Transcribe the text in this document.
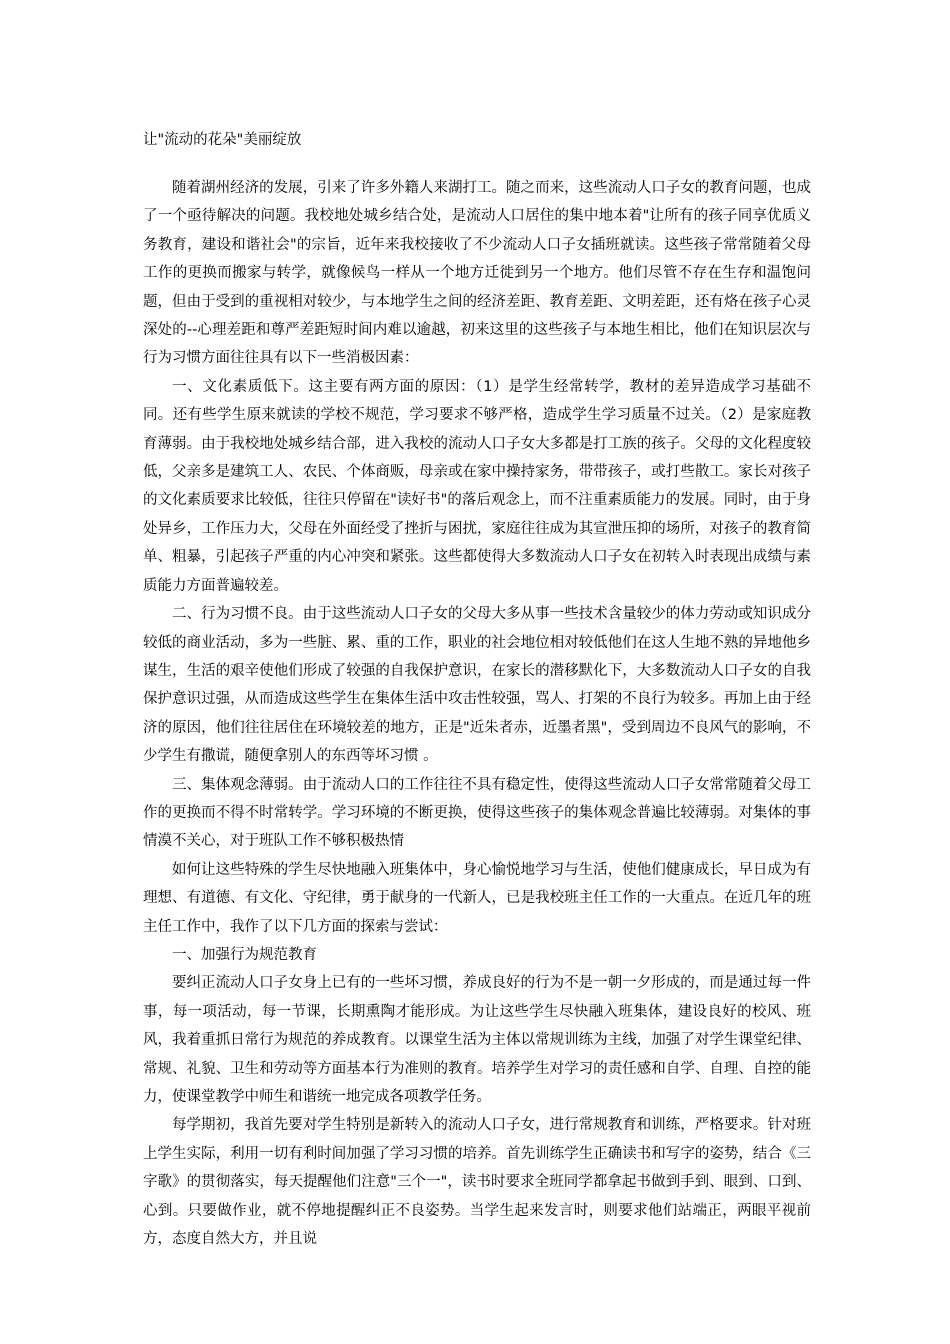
让"流动的花朵"美丽绽放

随着湖州经济的发展，引来了许多外籍人来湖打工。随之而来，这些流动人口子女的教育问题，也成了一个亟待解决的问题。我校地处城乡结合处，是流动人口居住的集中地本着"让所有的孩子同享优质义务教育，建设和谐社会"的宗旨，近年来我校接收了不少流动人口子女插班就读。这些孩子常常随着父母工作的更换而搬家与转学，就像候鸟一样从一个地方迁徙到另一个地方。他们尽管不存在生存和温饱问题，但由于受到的重视相对较少，与本地学生之间的经济差距、教育差距、文明差距，还有烙在孩子心灵深处的--心理差距和尊严差距短时间内难以逾越，初来这里的这些孩子与本地生相比，他们在知识层次与行为习惯方面往往具有以下一些消极因素：

一、文化素质低下。这主要有两方面的原因：（1）是学生经常转学，教材的差异造成学习基础不同。还有些学生原来就读的学校不规范，学习要求不够严格，造成学生学习质量不过关。（2）是家庭教育薄弱。由于我校地处城乡结合部，进入我校的流动人口子女大多都是打工族的孩子。父母的文化程度较低，父亲多是建筑工人、农民、个体商贩，母亲或在家中操持家务，带带孩子，或打些散工。家长对孩子的文化素质要求比较低，往往只停留在"读好书"的落后观念上，而不注重素质能力的发展。同时，由于身处异乡，工作压力大，父母在外面经受了挫折与困扰，家庭往往成为其宣泄压抑的场所，对孩子的教育简单、粗暴，引起孩子严重的内心冲突和紧张。这些都使得大多数流动人口子女在初转入时表现出成绩与素质能力方面普遍较差。

二、行为习惯不良。由于这些流动人口子女的父母大多从事一些技术含量较少的体力劳动或知识成分较低的商业活动，多为一些脏、累、重的工作，职业的社会地位相对较低他们在这人生地不熟的异地他乡谋生，生活的艰辛使他们形成了较强的自我保护意识，在家长的潜移默化下，大多数流动人口子女的自我保护意识过强，从而造成这些学生在集体生活中攻击性较强，骂人、打架的不良行为较多。再加上由于经济的原因，他们往往居住在环境较差的地方，正是"近朱者赤，近墨者黑"，受到周边不良风气的影响，不少学生有撒谎，随便拿别人的东西等坏习惯 。

三、集体观念薄弱。由于流动人口的工作往往不具有稳定性，使得这些流动人口子女常常随着父母工作的更换而不得不时常转学。学习环境的不断更换，使得这些孩子的集体观念普遍比较薄弱。对集体的事情漠不关心，对于班队工作不够积极热情

如何让这些特殊的学生尽快地融入班集体中，身心愉悦地学习与生活，使他们健康成长，早日成为有理想、有道德、有文化、守纪律，勇于献身的一代新人，已是我校班主任工作的一大重点。在近几年的班主任工作中，我作了以下几方面的探索与尝试：

一、加强行为规范教育

要纠正流动人口子女身上已有的一些坏习惯，养成良好的行为不是一朝一夕形成的，而是通过每一件事，每一项活动，每一节课，长期熏陶才能形成。为让这些学生尽快融入班集体，建设良好的校风、班风，我着重抓日常行为规范的养成教育。以课堂生活为主体以常规训练为主线，加强了对学生课堂纪律、常规、礼貌、卫生和劳动等方面基本行为准则的教育。培养学生对学习的责任感和自学、自理、自控的能力，使课堂教学中师生和谐统一地完成各项教学任务。

每学期初，我首先要对学生特别是新转入的流动人口子女，进行常规教育和训练，严格要求。针对班上学生实际，利用一切有利时间加强了学习习惯的培养。首先训练学生正确读书和写字的姿势，结合《三字歌》的贯彻落实，每天提醒他们注意"三个一"，读书时要求全班同学都拿起书做到手到、眼到、口到、心到。只要做作业，就不停地提醒纠正不良姿势。当学生起来发言时，则要求他们站端正，两眼平视前方，态度自然大方，并且说
